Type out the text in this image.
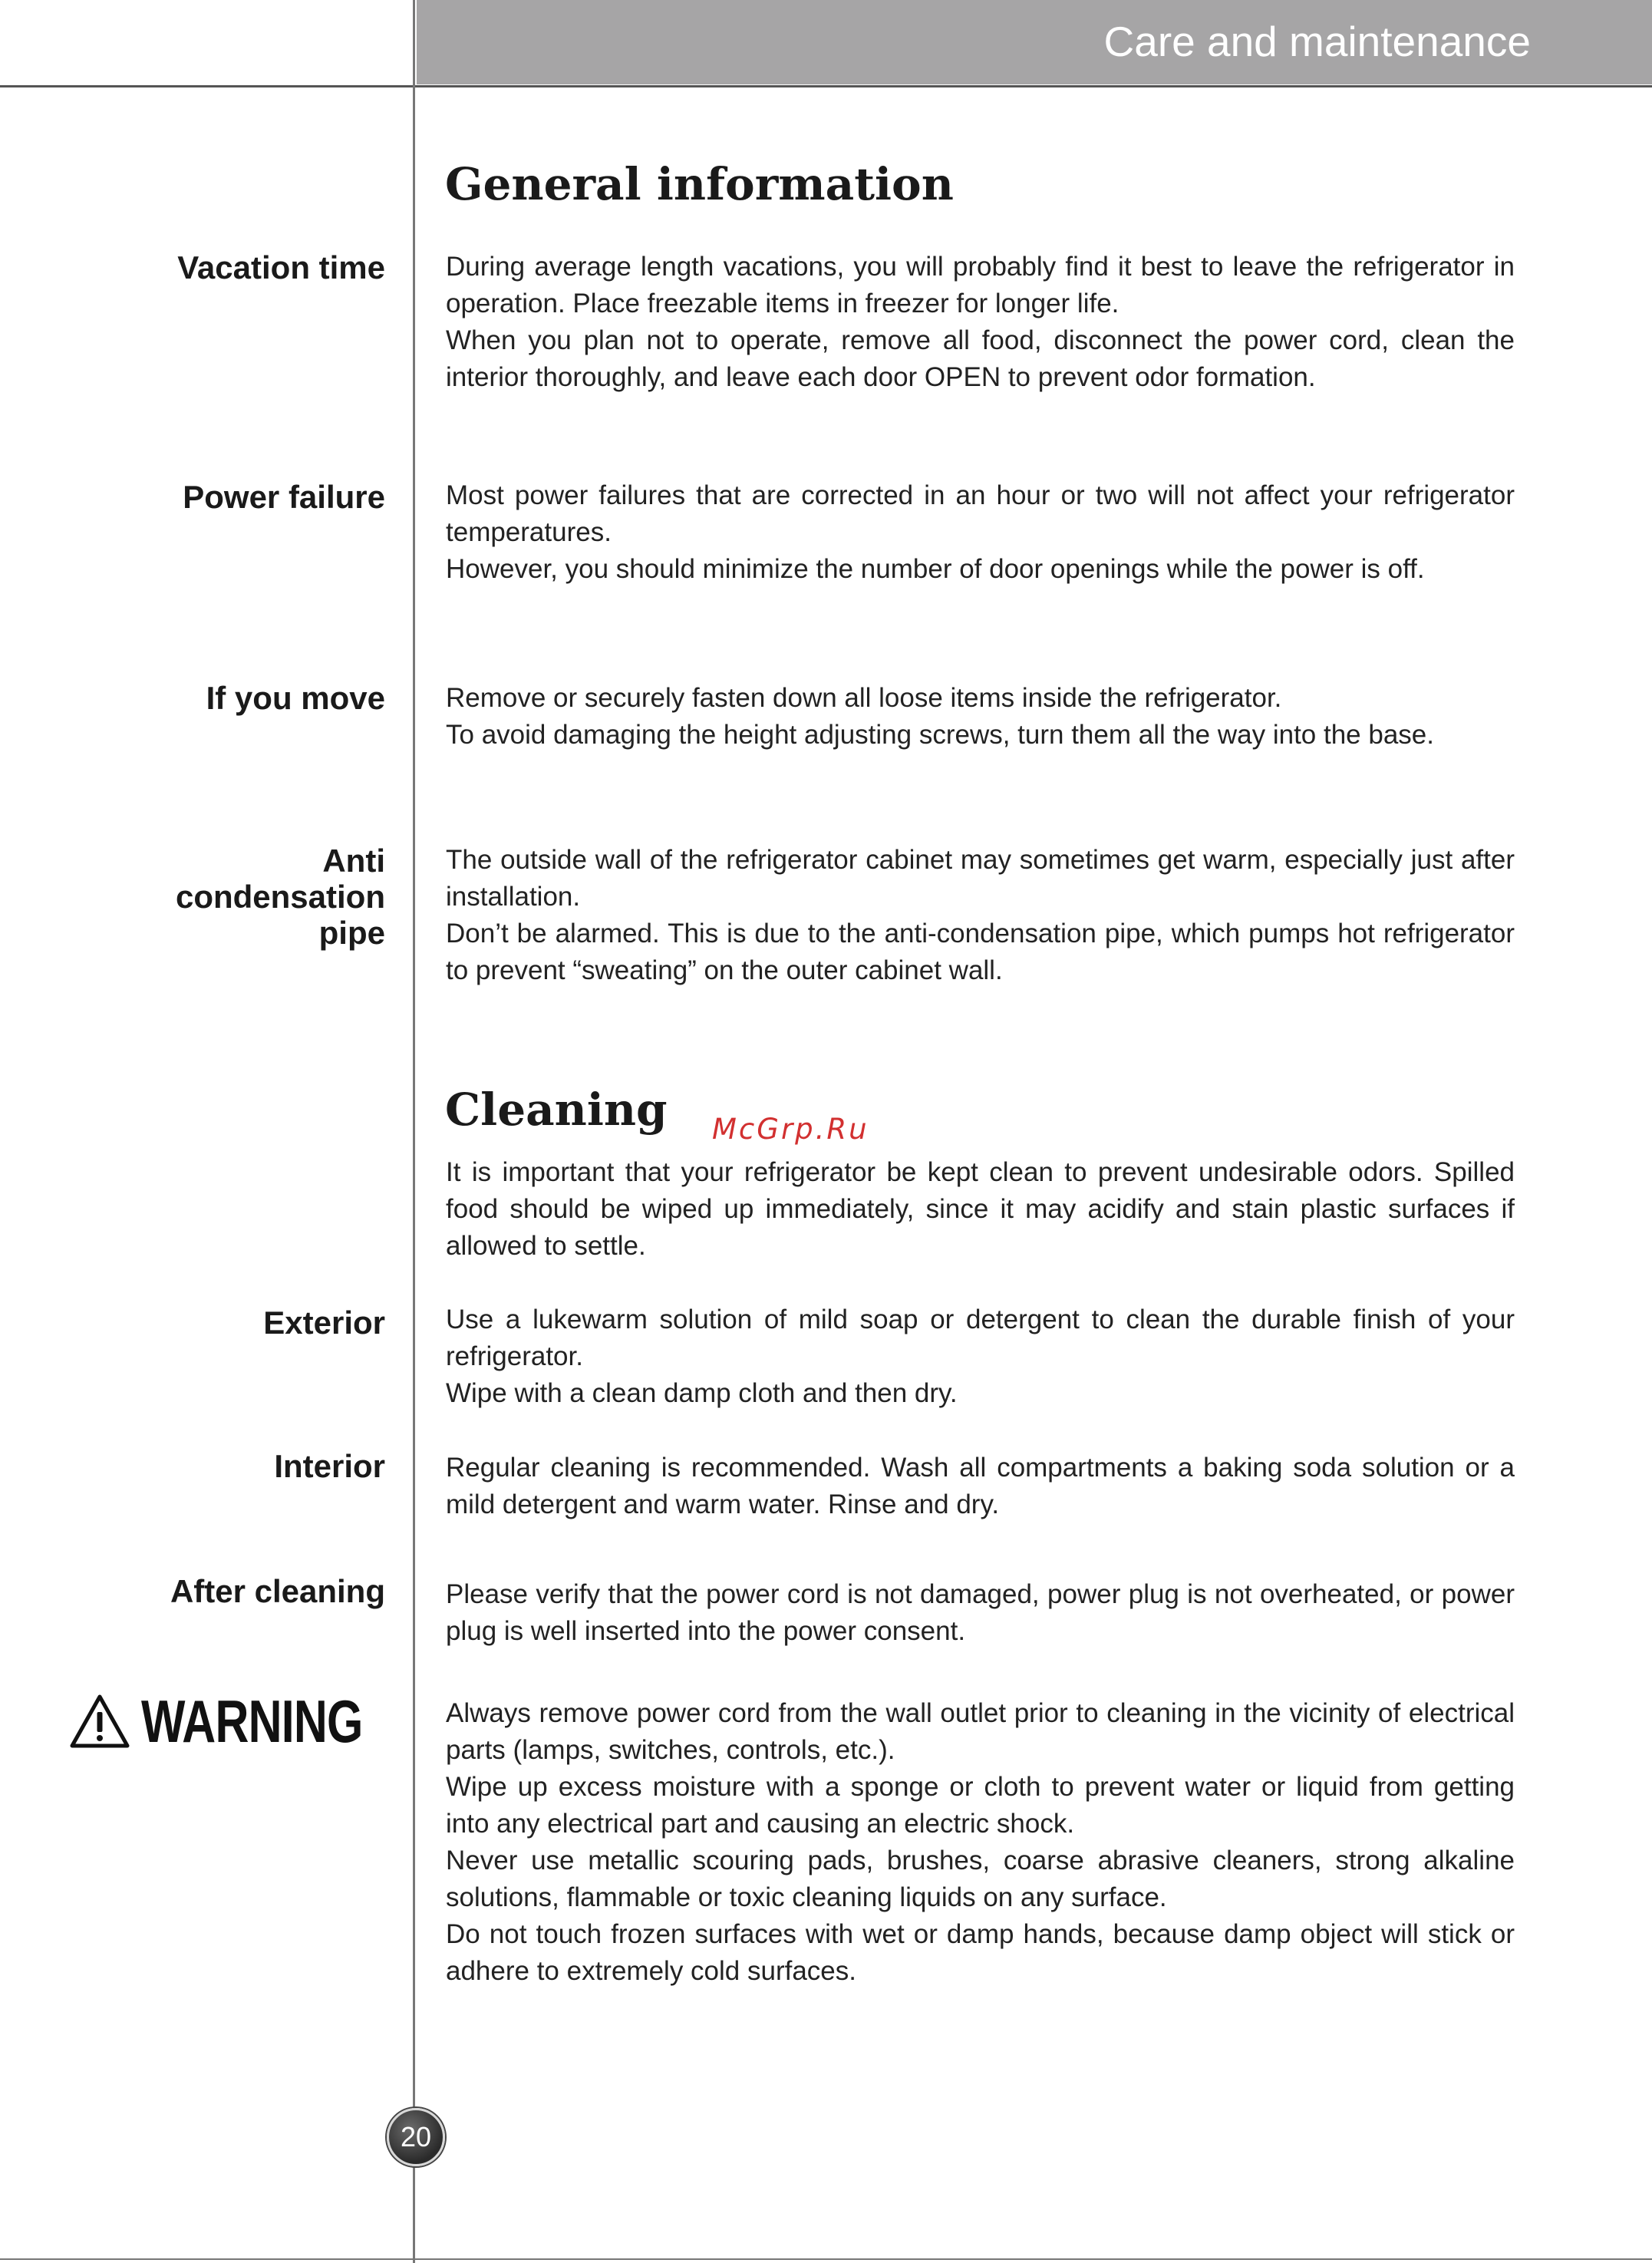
Care and maintenance
General information
Vacation time During average length vacations, you will probably find it best to leave the refrigerator in operation. Place freezable items in freezer for longer life.

When you plan not to operate, remove all food, disconnect the power cord, clean the interior thoroughly, and leave each door OPEN to prevent odor formation.

Power failure Most power failures that are corrected in an hour or two will not affect your refrigerator temperatures.

However, you should minimize the number of door openings while the power is off.

If you move Remove or securely fasten down all loose items inside the refrigerator.

To avoid damaging the height adjusting screws, turn them all the way into the base.

Anti
condensation
pipe

The outside wall of the refrigerator cabinet may sometimes get warm, especially just after installation.

Don’t be alarmed. This is due to the anti-condensation pipe, which pumps hot refrigerator to prevent “sweating” on the outer cabinet wall.

Cleaning McGrp.Ru
It is important that your refrigerator be kept clean to prevent undesirable odors. Spilled food should be wiped up immediately, since it may acidify and stain plastic surfaces if allowed to settle.
Exterior Use a lukewarm solution of mild soap or detergent to clean the durable finish of your refrigerator.

Wipe with a clean damp cloth and then dry.

Interior Regular cleaning is recommended. Wash all compartments a baking soda solution or a mild detergent and warm water. Rinse and dry.

After cleaning Please verify that the power cord is not damaged, power plug is not overheated, or power plug is well inserted into the power consent.

WARNING	Always remove power cord from the wall outlet prior to cleaning in the vicinity of electrical parts (lamps, switches, controls, etc.).

Wipe up excess moisture with a sponge or cloth to prevent water or liquid from getting into any electrical part and causing an electric shock.

Never use metallic scouring pads, brushes, coarse abrasive cleaners, strong alkaline solutions, flammable or toxic cleaning liquids on any surface.

Do not touch frozen surfaces with wet or damp hands, because damp object will stick or adhere to extremely cold surfaces.

20
